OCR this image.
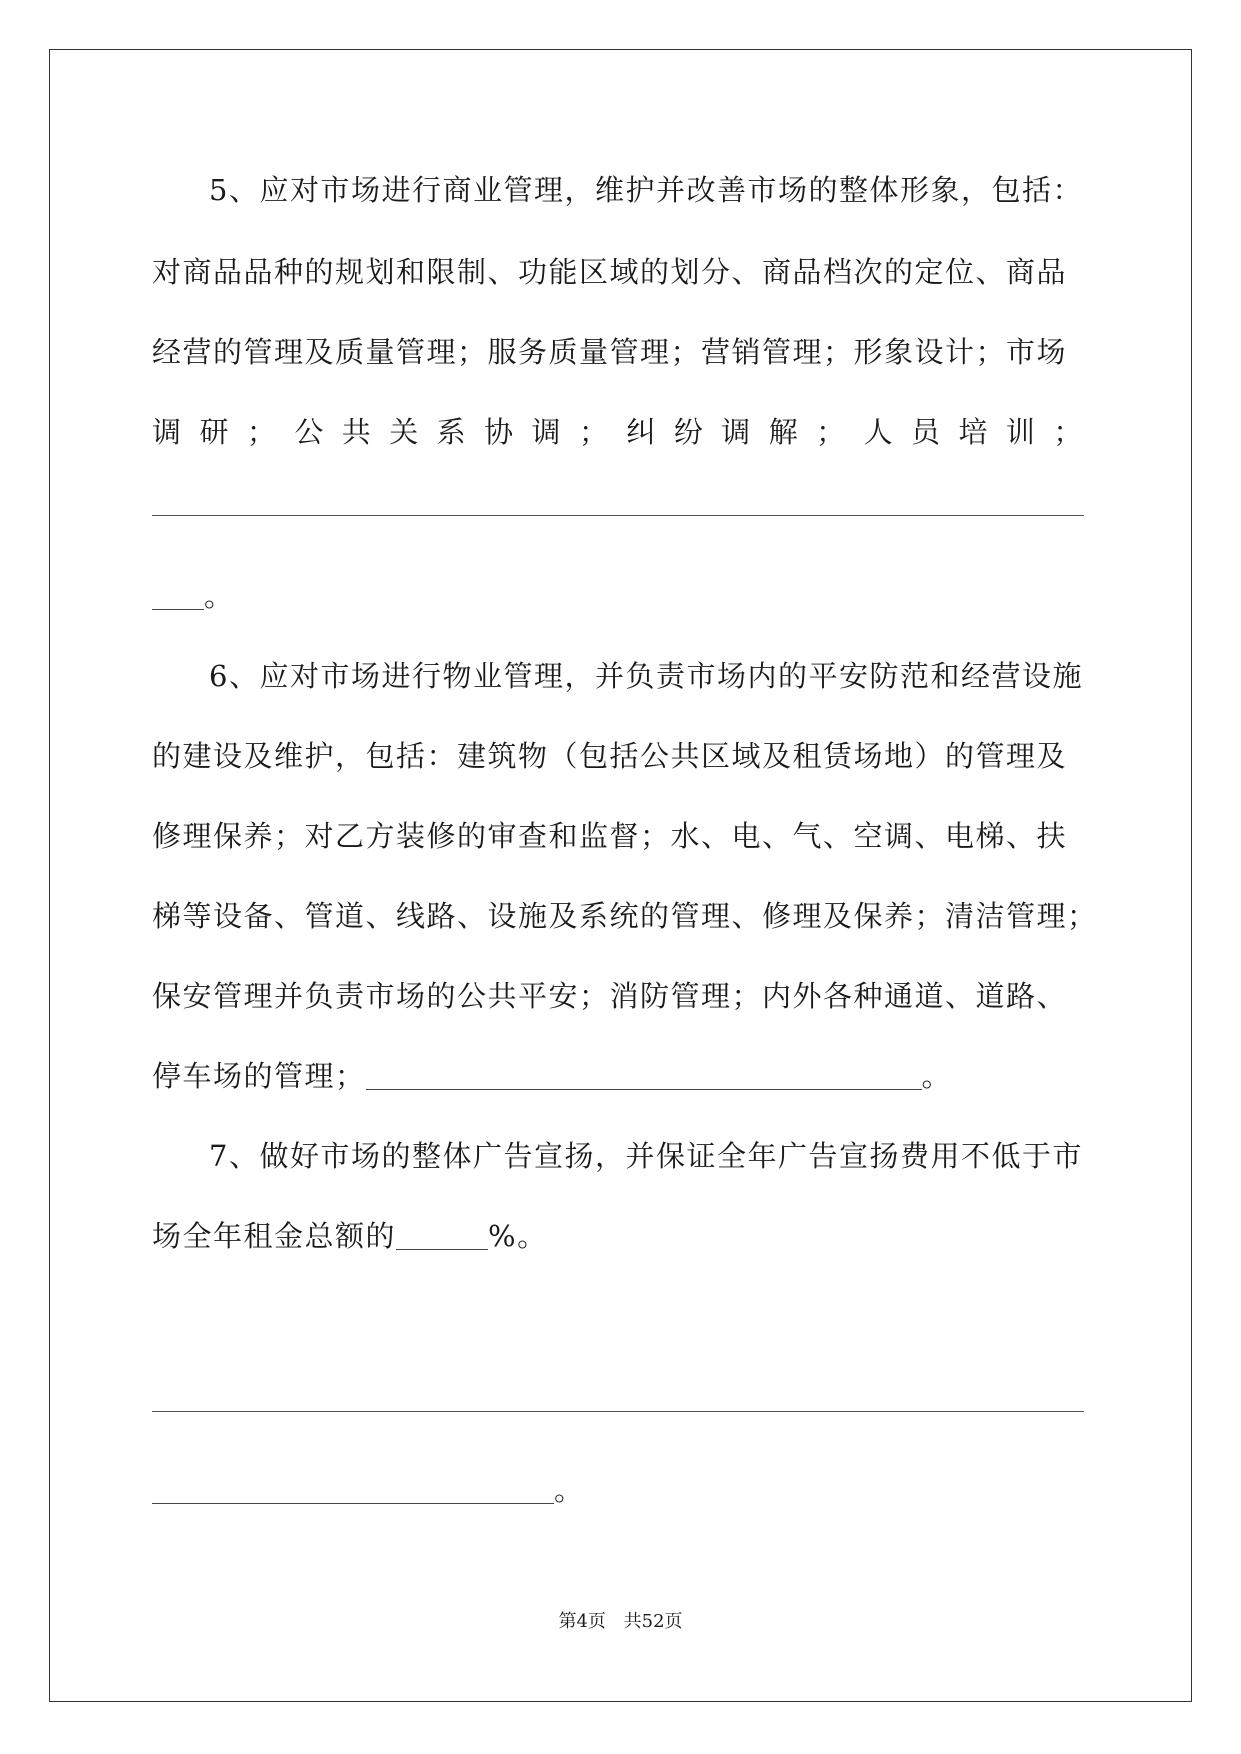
5、应对市场进行商业管理，维护并改善市场的整体形象，包括：
对商品品种的规划和限制、功能区域的划分、商品档次的定位、商品
经营的管理及质量管理；服务质量管理；营销管理；形象设计；市场
调 研 ； 公 共 关 系 协 调 ； 纠 纷 调 解 ； 人 员 培 训 ；
。
6、应对市场进行物业管理，并负责市场内的平安防范和经营设施
的建设及维护，包括：建筑物（包括公共区域及租赁场地）的管理及
修理保养；对乙方装修的审查和监督；水、电、气、空调、电梯、扶
梯等设备、管道、线路、设施及系统的管理、修理及保养；清洁管理；
保安管理并负责市场的公共平安；消防管理；内外各种通道、道路、
停车场的管理；	。
7、做好市场的整体广告宣扬，并保证全年广告宣扬费用不低于市
场全年租金总额的	%。
。
第4页 共52页
